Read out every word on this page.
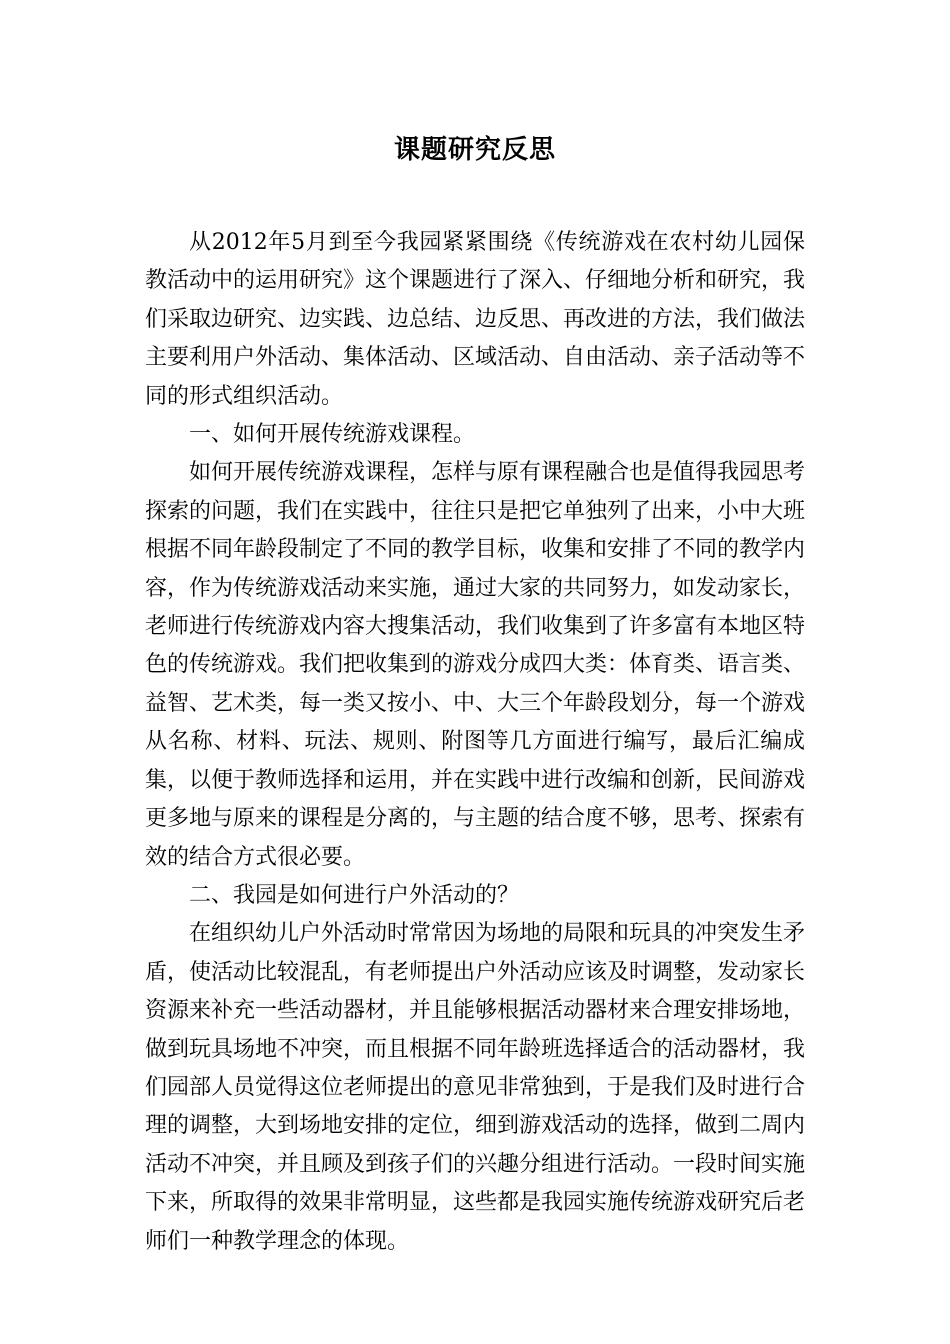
课题研究反思

从2012年5月到至今我园紧紧围绕《传统游戏在农村幼儿园保教活动中的运用研究》这个课题进行了深入、仔细地分析和研究，我们采取边研究、边实践、边总结、边反思、再改进的方法，我们做法主要利用户外活动、集体活动、区域活动、自由活动、亲子活动等不同的形式组织活动。

一、如何开展传统游戏课程。

如何开展传统游戏课程，怎样与原有课程融合也是值得我园思考探索的问题，我们在实践中，往往只是把它单独列了出来，小中大班根据不同年龄段制定了不同的教学目标，收集和安排了不同的教学内容，作为传统游戏活动来实施，通过大家的共同努力，如发动家长，老师进行传统游戏内容大搜集活动，我们收集到了许多富有本地区特色的传统游戏。我们把收集到的游戏分成四大类：体育类、语言类、益智、艺术类，每一类又按小、中、大三个年龄段划分，每一个游戏从名称、材料、玩法、规则、附图等几方面进行编写，最后汇编成集，以便于教师选择和运用，并在实践中进行改编和创新，民间游戏更多地与原来的课程是分离的，与主题的结合度不够，思考、探索有效的结合方式很必要。

二、我园是如何进行户外活动的？

在组织幼儿户外活动时常常因为场地的局限和玩具的冲突发生矛盾，使活动比较混乱，有老师提出户外活动应该及时调整，发动家长资源来补充一些活动器材，并且能够根据活动器材来合理安排场地，做到玩具场地不冲突，而且根据不同年龄班选择适合的活动器材，我们园部人员觉得这位老师提出的意见非常独到，于是我们及时进行合理的调整，大到场地安排的定位，细到游戏活动的选择，做到二周内活动不冲突，并且顾及到孩子们的兴趣分组进行活动。一段时间实施下来，所取得的效果非常明显，这些都是我园实施传统游戏研究后老师们一种教学理念的体现。
